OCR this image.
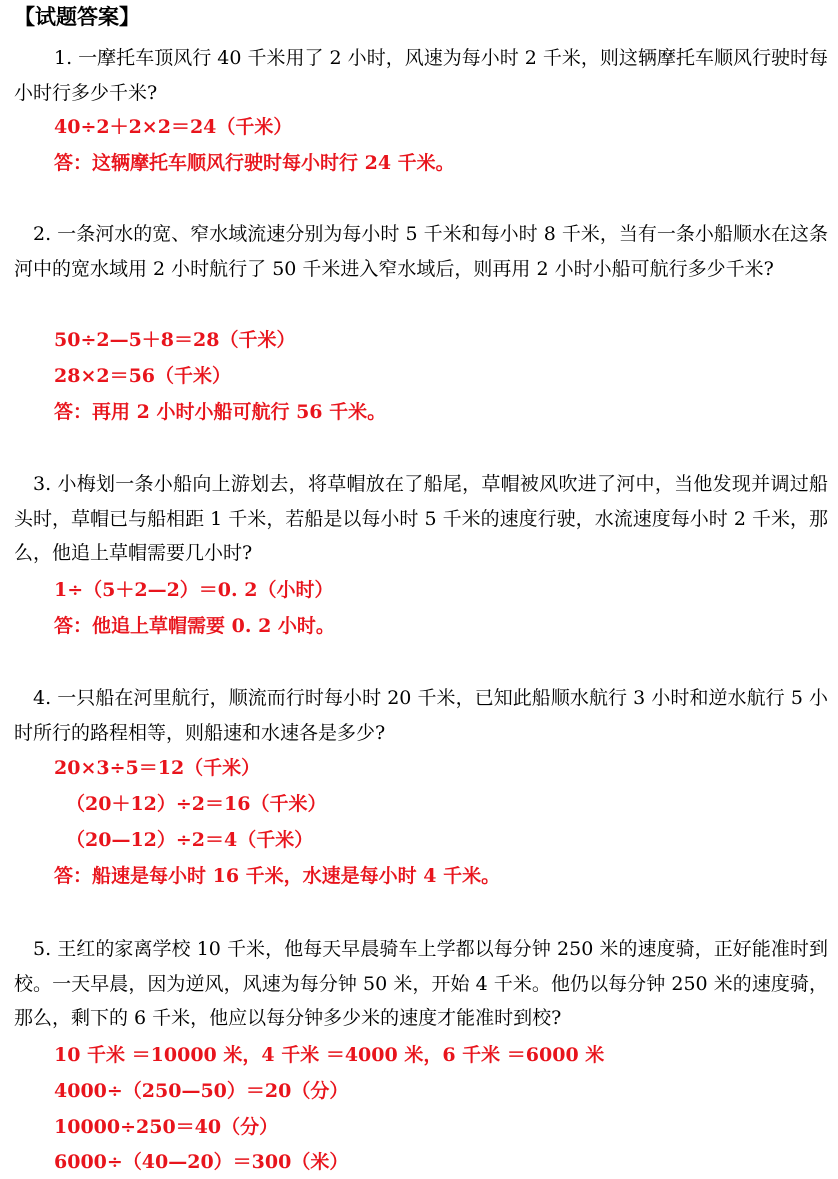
【试题答案】

1. 一摩托车顶风行 40 千米用了 2 小时，风速为每小时 2 千米，则这辆摩托车顺风行驶时每小时行多少千米?

40÷2＋2×2＝24（千米）
答：这辆摩托车顺风行驶时每小时行 24 千米。

2. 一条河水的宽、窄水域流速分别为每小时 5 千米和每小时 8 千米，当有一条小船顺水在这条河中的宽水域用 2 小时航行了 50 千米进入窄水域后，则再用 2 小时小船可航行多少千米?

50÷2—5＋8＝28（千米）
28×2＝56（千米）
答：再用 2 小时小船可航行 56 千米。

3. 小梅划一条小船向上游划去，将草帽放在了船尾，草帽被风吹进了河中，当他发现并调过船头时，草帽已与船相距 1 千米，若船是以每小时 5 千米的速度行驶，水流速度每小时 2 千米，那么，他追上草帽需要几小时?

1÷（5＋2—2）＝0. 2（小时）
答：他追上草帽需要 0. 2 小时。

4. 一只船在河里航行，顺流而行时每小时 20 千米，已知此船顺水航行 3 小时和逆水航行 5 小时所行的路程相等，则船速和水速各是多少?

20×3÷5＝12（千米）
（20＋12）÷2＝16（千米）
（20—12）÷2＝4（千米）
答：船速是每小时 16 千米，水速是每小时 4 千米。

5. 王红的家离学校 10 千米，他每天早晨骑车上学都以每分钟 250 米的速度骑，正好能准时到校。一天早晨，因为逆风，风速为每分钟 50 米，开始 4 千米。他仍以每分钟 250 米的速度骑，那么，剩下的 6 千米，他应以每分钟多少米的速度才能准时到校?

10 千米 ＝10000 米，4 千米 ＝4000 米，6 千米 ＝6000 米
4000÷（250—50）＝20（分）
10000÷250＝40（分）
6000÷（40—20）＝300（米）
